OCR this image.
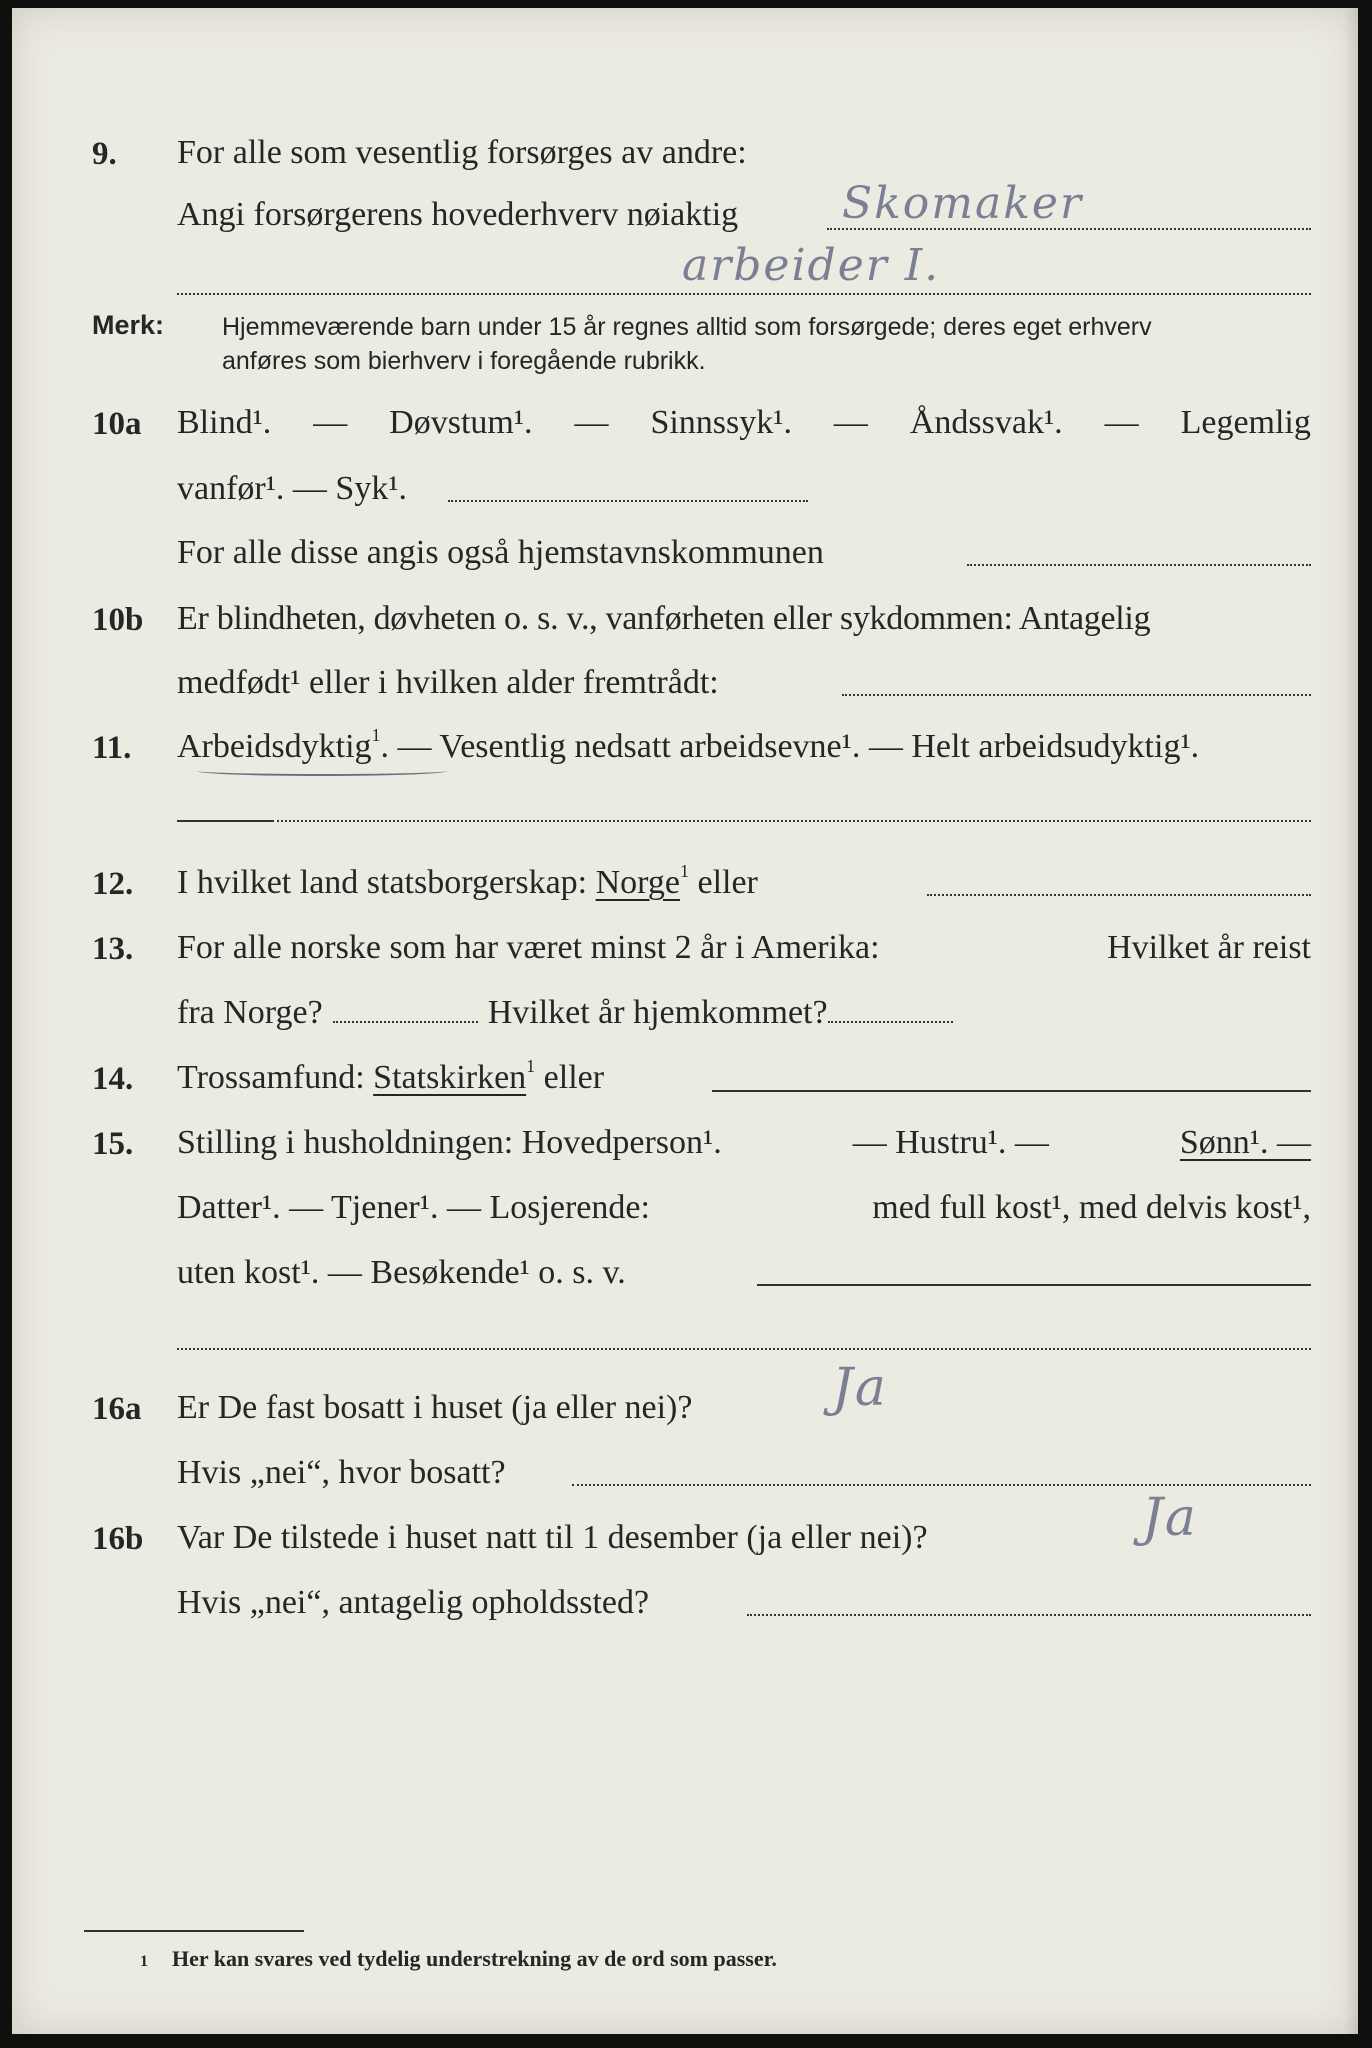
9. For alle som vesentlig forsørges av andre:
Angi forsørgerens hovederhverv nøiaktig Skomaker
arbeider I.
Merk: Hjemmeværende barn under 15 år regnes alltid som forsørgede; deres eget erhverv
anføres som bierhverv i foregående rubrikk.
10a Blind¹. — Døvstum¹. — Sinnssyk¹. — Åndssvak¹. — Legemlig
vanfør¹. — Syk¹.
For alle disse angis også hjemstavnskommunen
10b Er blindheten, døvheten o. s. v., vanførheten eller sykdommen: Antagelig
medfødt¹ eller i hvilken alder fremtrådt:
11. Arbeidsdyktig$^1$. — Vesentlig nedsatt arbeidsevne¹. — Helt arbeidsudyktig¹.
12. I hvilket land statsborgerskap: Norge$^1$ eller
13. For alle norske som har været minst 2 år i Amerika:	Hvilket år reist
fra Norge?	Hvilket år hjemkommet?
14. Trossamfund: Statskirken$^1$ eller
15. Stilling i husholdningen: Hovedperson¹.	— Hustru¹. —	Sønn¹. —
Datter¹. — Tjener¹. — Losjerende:	med full kost¹, med delvis kost¹,
uten kost¹. — Besøkende¹ o. s. v.
16a Er De fast bosatt i huset (ja eller nei)?	Ja
Hvis „nei“, hvor bosatt?
16b Var De tilstede i huset natt til 1 desember (ja eller nei)?	Ja
Hvis „nei“, antagelig opholdssted?
1 Her kan svares ved tydelig understrekning av de ord som passer.
